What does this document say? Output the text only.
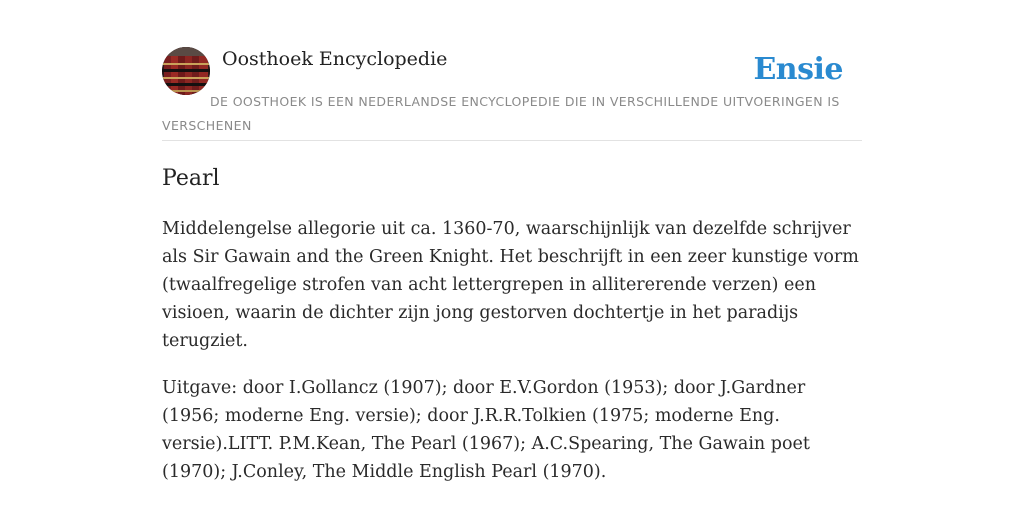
Oosthoek Encyclopedie	Ensie
DE OOSTHOEK IS EEN NEDERLANDSE ENCYCLOPEDIE DIE IN VERSCHILLENDE UITVOERINGEN IS VERSCHENEN
Pearl

Middelengelse allegorie uit ca. 1360-70, waarschijnlijk van dezelfde schrijver als Sir Gawain and the Green Knight. Het beschrijft in een zeer kunstige vorm (twaalfregelige strofen van acht lettergrepen in allitererende verzen) een visioen, waarin de dichter zijn jong gestorven dochtertje in het paradijs terugziet.

Uitgave: door I.Gollancz (1907); door E.V.Gordon (1953); door J.Gardner (1956; moderne Eng. versie); door J.R.R.Tolkien (1975; moderne Eng. versie).LITT. P.M.Kean, The Pearl (1967); A.C.Spearing, The Gawain poet (1970); J.Conley, The Middle English Pearl (1970).
